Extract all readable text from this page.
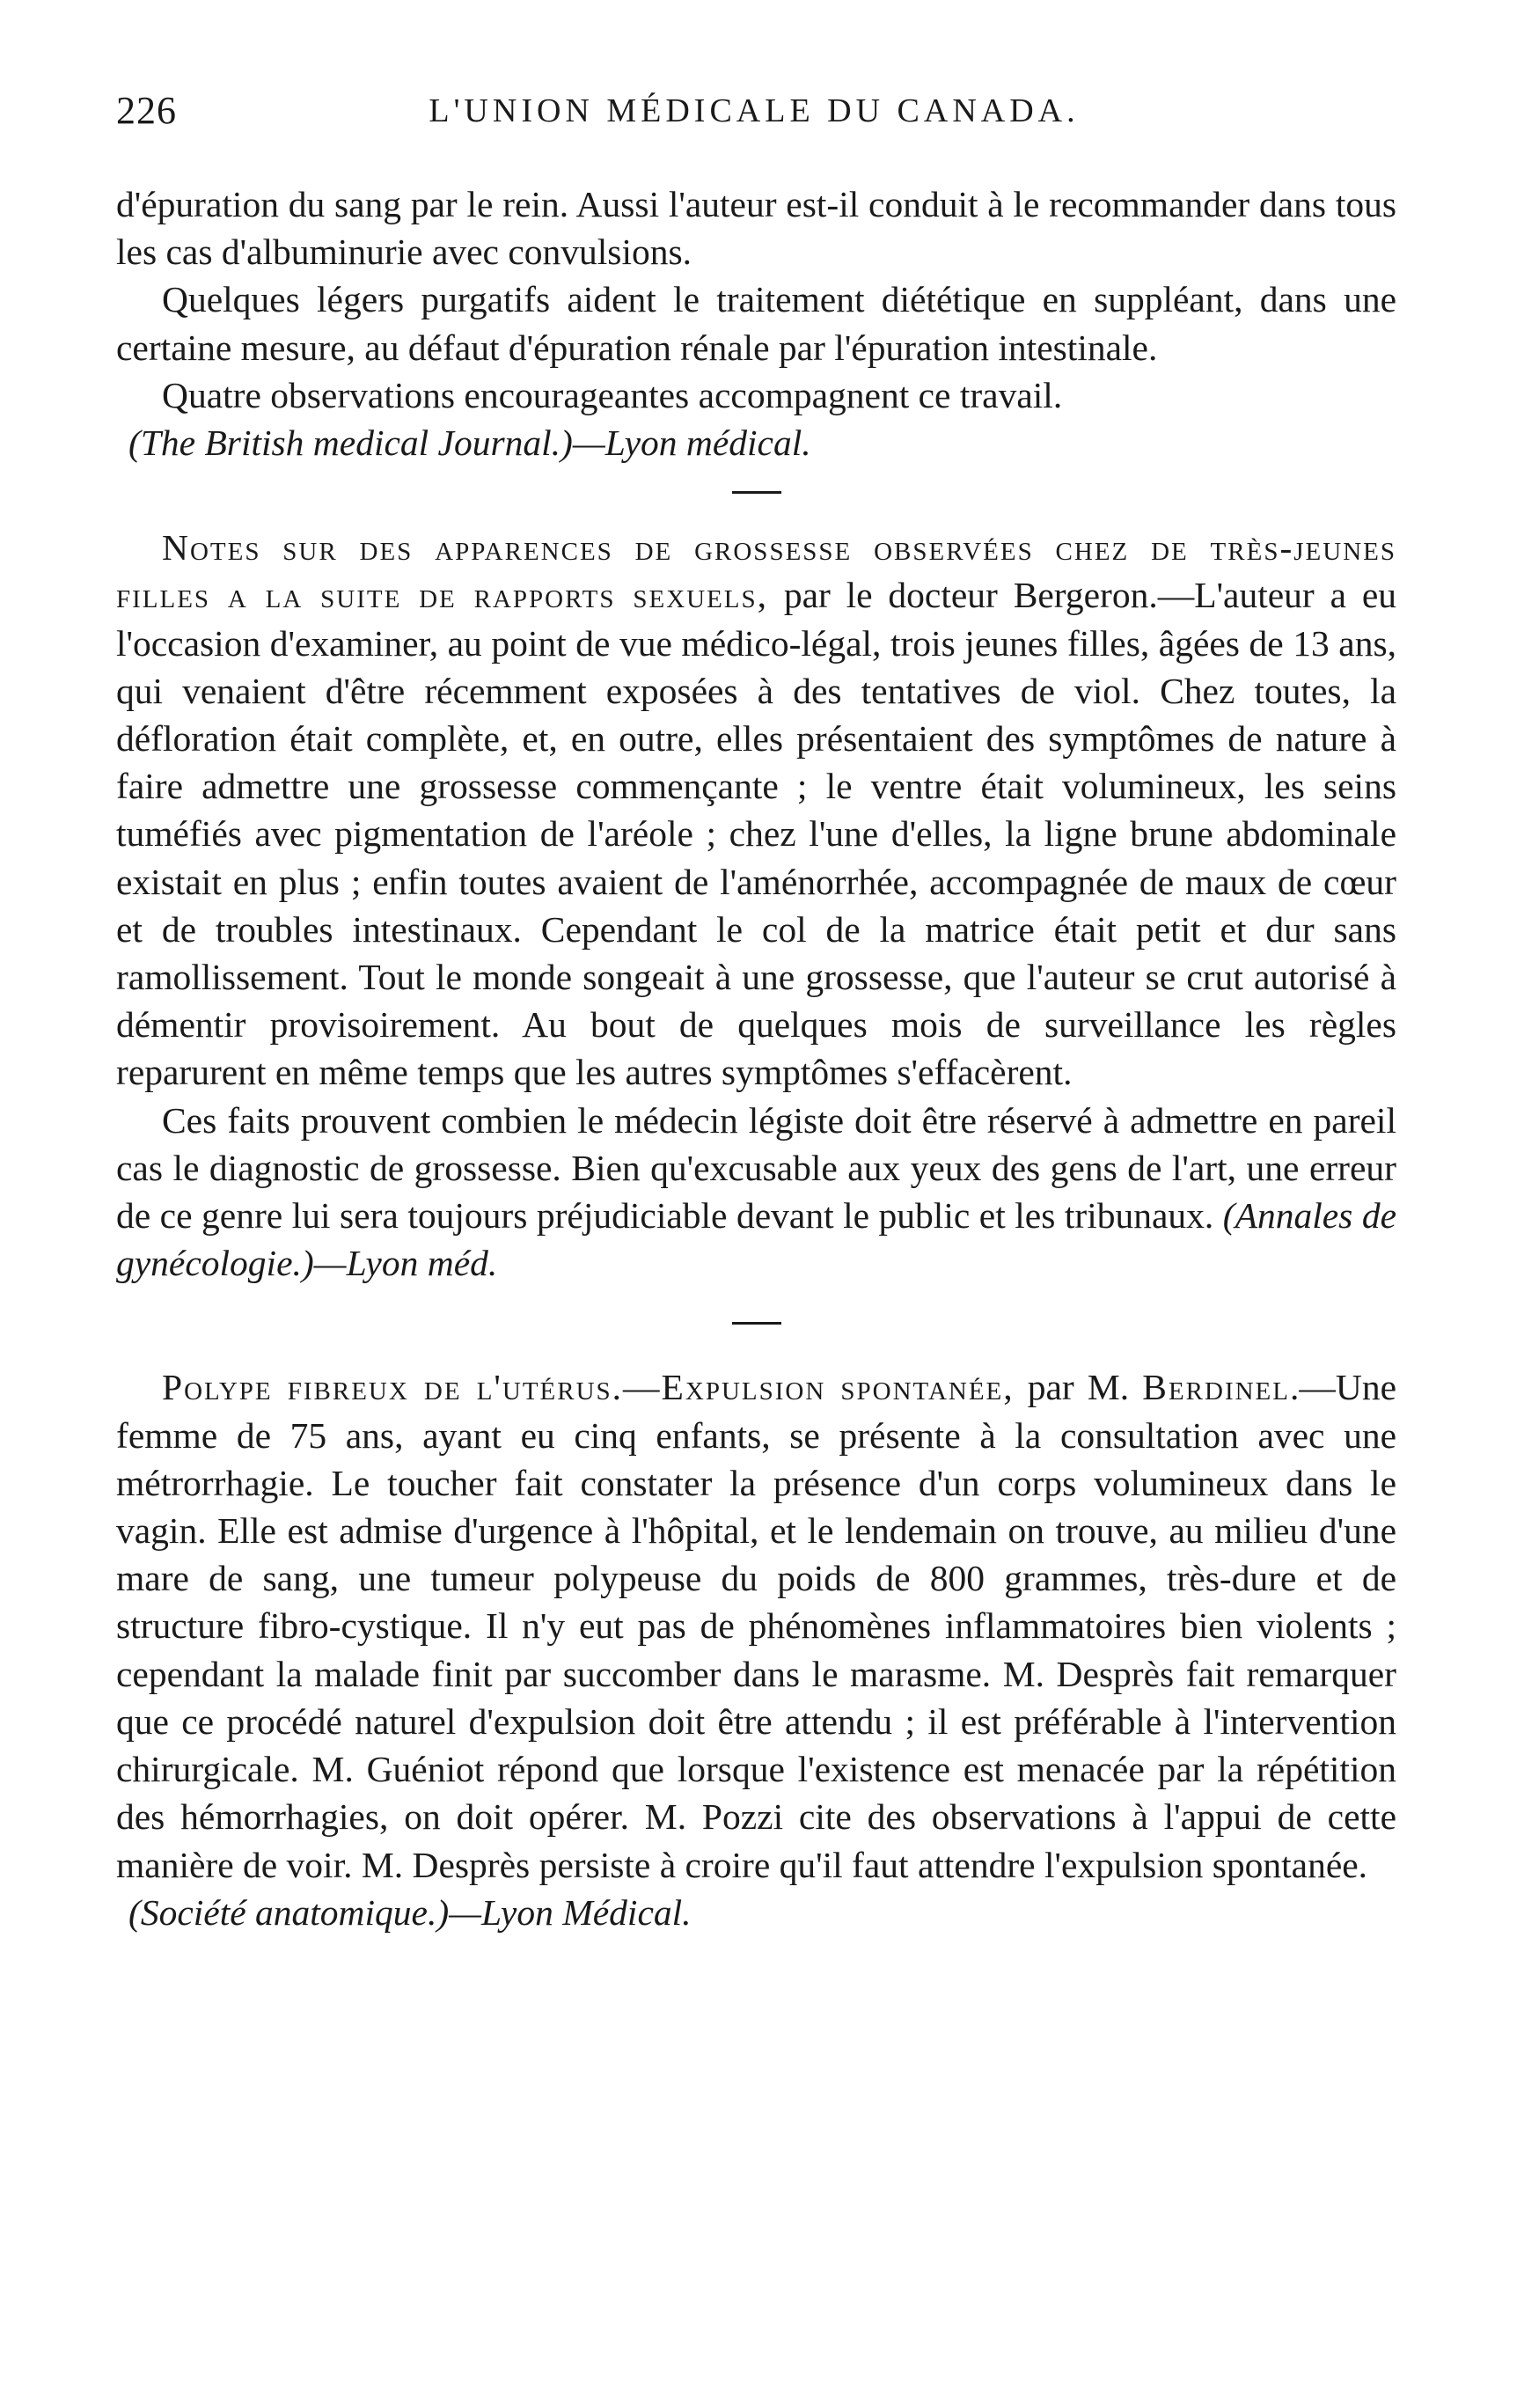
226	L'UNION MÉDICALE DU CANADA.

d'épuration du sang par le rein. Aussi l'auteur est-il conduit à le recommander dans tous les cas d'albuminurie avec convulsions.

Quelques légers purgatifs aident le traitement diététique en suppléant, dans une certaine mesure, au défaut d'épuration rénale par l'épuration intestinale.

Quatre observations encourageantes accompagnent ce travail.

(The British medical Journal.)—Lyon médical.

Notes sur des apparences de grossesse observées chez de très-jeunes filles a la suite de rapports sexuels, par le docteur Bergeron.—L'auteur a eu l'occasion d'examiner, au point de vue médico-légal, trois jeunes filles, âgées de 13 ans, qui venaient d'être récemment exposées à des tentatives de viol. Chez toutes, la défloration était complète, et, en outre, elles présentaient des symptômes de nature à faire admettre une grossesse commençante ; le ventre était volumineux, les seins tuméfiés avec pigmentation de l'aréole ; chez l'une d'elles, la ligne brune abdominale existait en plus ; enfin toutes avaient de l'aménorrhée, accompagnée de maux de cœur et de troubles intestinaux. Cependant le col de la matrice était petit et dur sans ramollissement. Tout le monde songeait à une grossesse, que l'auteur se crut autorisé à démentir provisoirement. Au bout de quelques mois de surveillance les règles reparurent en même temps que les autres symptômes s'effacèrent.

Ces faits prouvent combien le médecin légiste doit être réservé à admettre en pareil cas le diagnostic de grossesse. Bien qu'excusable aux yeux des gens de l'art, une erreur de ce genre lui sera toujours préjudiciable devant le public et les tribunaux. (Annales de gynécologie.)—Lyon méd.

Polype fibreux de l'utérus.—Expulsion spontanée, par M. Berdinel.—Une femme de 75 ans, ayant eu cinq enfants, se présente à la consultation avec une métrorrhagie. Le toucher fait constater la présence d'un corps volumineux dans le vagin. Elle est admise d'urgence à l'hôpital, et le lendemain on trouve, au milieu d'une mare de sang, une tumeur polypeuse du poids de 800 grammes, très-dure et de structure fibro-cystique. Il n'y eut pas de phénomènes inflammatoires bien violents ; cependant la malade finit par succomber dans le marasme. M. Desprès fait remarquer que ce procédé naturel d'expulsion doit être attendu ; il est préférable à l'intervention chirurgicale. M. Guéniot répond que lorsque l'existence est menacée par la répétition des hémorrhagies, on doit opérer. M. Pozzi cite des observations à l'appui de cette manière de voir. M. Desprès persiste à croire qu'il faut attendre l'expulsion spontanée.

(Société anatomique.)—Lyon Médical.
